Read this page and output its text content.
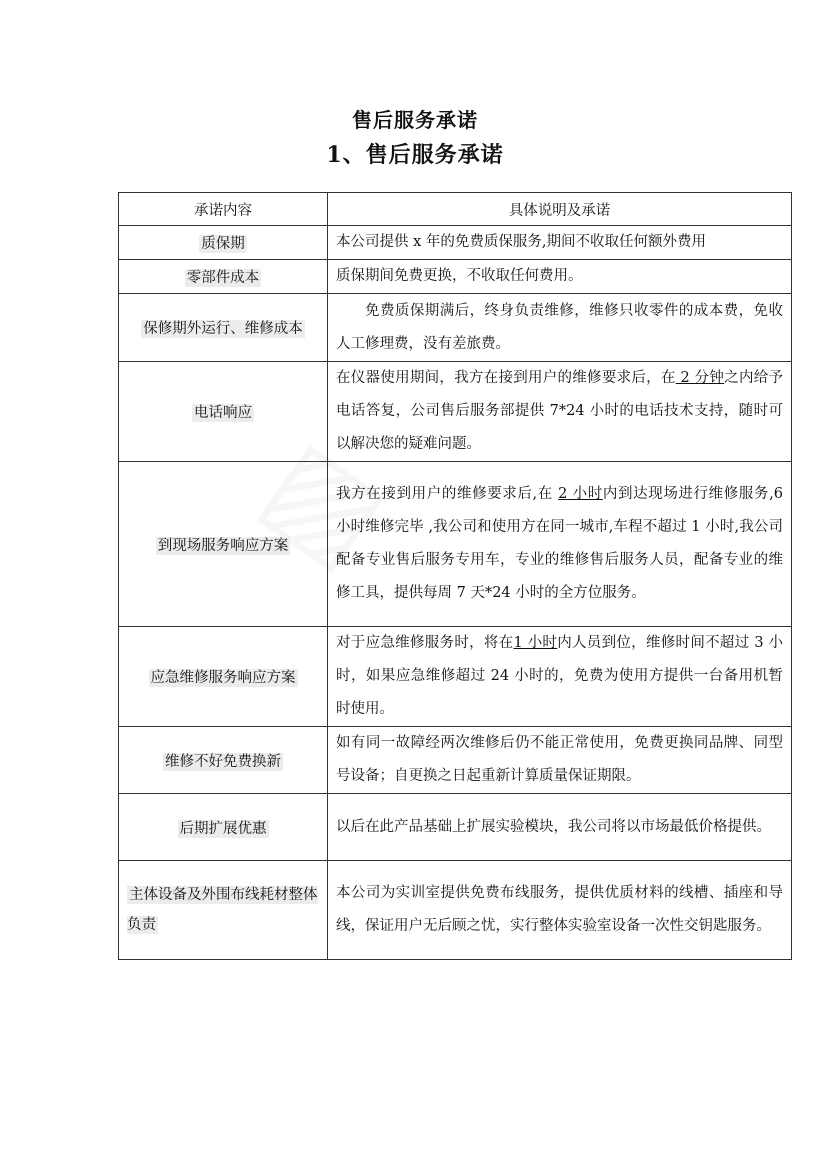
售后服务承诺
1、售后服务承诺
承诺内容	具体说明及承诺
质保期	本公司提供 x 年的免费质保服务,期间不收取任何额外费用
零部件成本	质保期间免费更换，不收取任何费用。
保修期外运行、维修成本	免费质保期满后，终身负责维修，维修只收零件的成本费，免收人工修理费，没有差旅费。
电话响应	在仪器使用期间，我方在接到用户的维修要求后，在 2 分钟之内给予电话答复，公司售后服务部提供 7*24 小时的电话技术支持，随时可以解决您的疑难问题。
到现场服务响应方案	我方在接到用户的维修要求后,在 2 小时内到达现场进行维修服务,6 小时维修完毕 ,我公司和使用方在同一城市,车程不超过 1 小时,我公司配备专业售后服务专用车，专业的维修售后服务人员，配备专业的维修工具，提供每周 7 天*24 小时的全方位服务。
应急维修服务响应方案	对于应急维修服务时，将在1 小时内人员到位，维修时间不超过 3 小时，如果应急维修超过 24 小时的，免费为使用方提供一台备用机暂时使用。
维修不好免费换新	如有同一故障经两次维修后仍不能正常使用，免费更换同品牌、同型号设备；自更换之日起重新计算质量保证期限。
后期扩展优惠	以后在此产品基础上扩展实验模块，我公司将以市场最低价格提供。
主体设备及外围布线耗材整体负责	本公司为实训室提供免费布线服务，提供优质材料的线槽、插座和导线，保证用户无后顾之忧，实行整体实验室设备一次性交钥匙服务。
